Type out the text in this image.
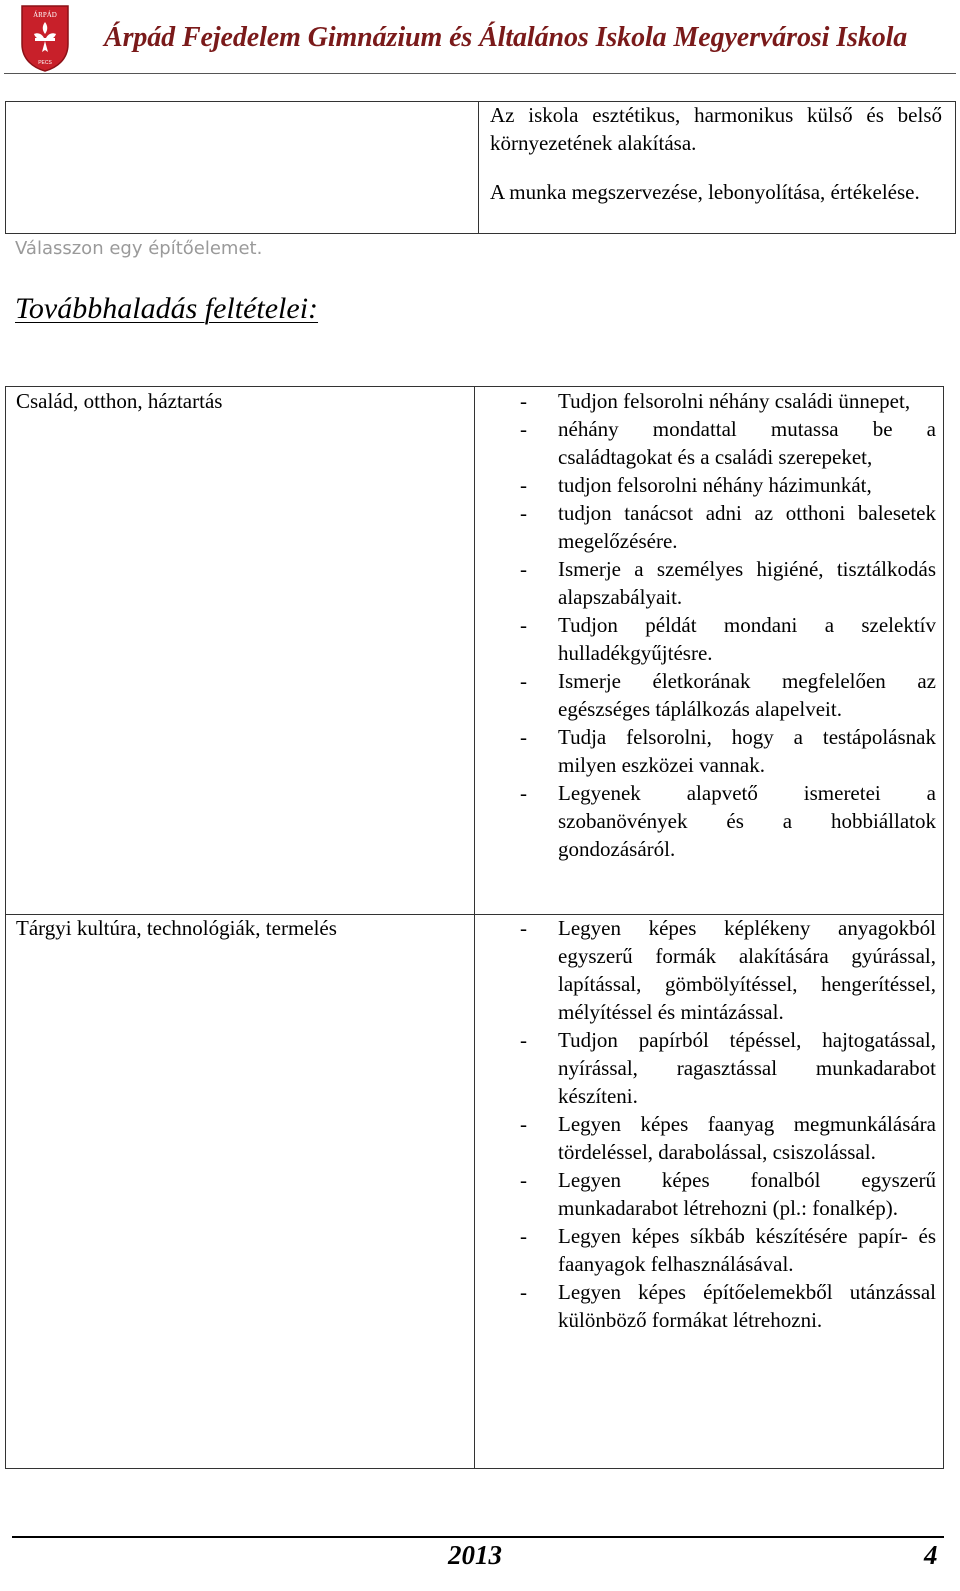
ÁRPÁD
PECS
Árpád Fejedelem Gimnázium és Általános Iskola Megyervárosi Iskola
Az iskola esztétikus, harmonikus külső és belső környezetének alakítása.
A munka megszervezése, lebonyolítása, értékelése.
Válasszon egy építőelemet.
Továbbhaladás feltételei:
Család, otthon, háztartás	- Tudjon felsorolni néhány családi ünnepet,
- néhány mondattal mutassa be a családtagokat és a családi szerepeket,
- tudjon felsorolni néhány házimunkát,
- tudjon tanácsot adni az otthoni balesetek megelőzésére.
- Ismerje a személyes higiéné, tisztálkodás alapszabályait.
- Tudjon példát mondani a szelektív hulladékgyűjtésre.
- Ismerje életkorának megfelelően az egészséges táplálkozás alapelveit.
- Tudja felsorolni, hogy a testápolásnak milyen eszközei vannak.
- Legyenek alapvető ismeretei a szobanövények és a hobbiállatok gondozásáról.
Tárgyi kultúra, technológiák, termelés	- Legyen képes képlékeny anyagokból egyszerű formák alakítására gyúrással, lapítással, gömbölyítéssel, hengerítéssel, mélyítéssel és mintázással.
- Tudjon papírból tépéssel, hajtogatással, nyírással, ragasztással munkadarabot készíteni.
- Legyen képes faanyag megmunkálására tördeléssel, darabolással, csiszolással.
- Legyen képes fonalból egyszerű munkadarabot létrehozni (pl.: fonalkép).
- Legyen képes síkbáb készítésére papír- és faanyagok felhasználásával.
- Legyen képes építőelemekből utánzással különböző formákat létrehozni.
2013	4
